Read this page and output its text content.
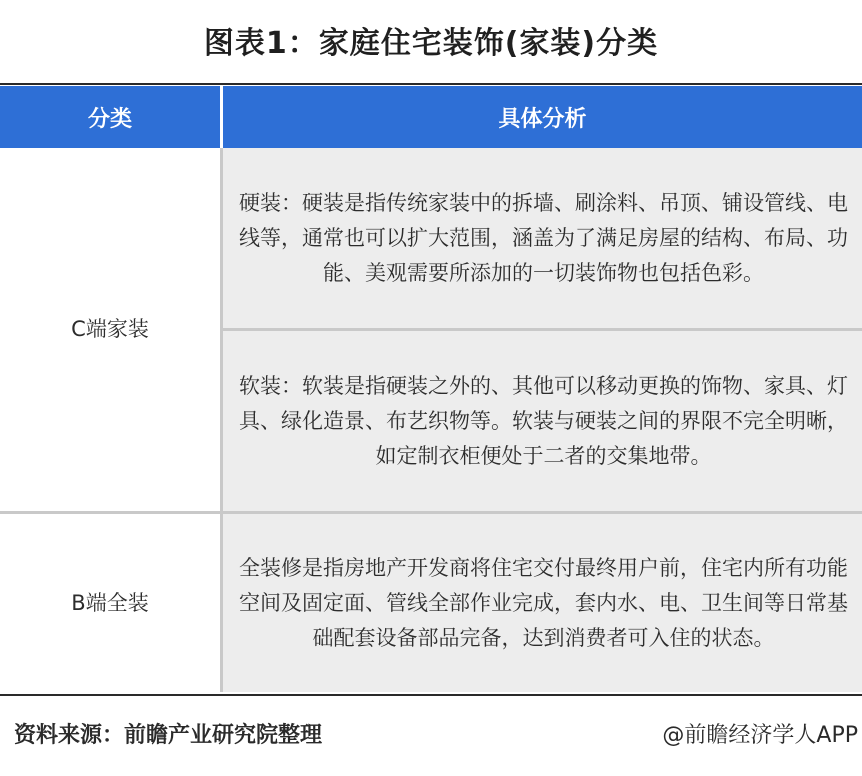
图表1：家庭住宅装饰(家装)分类
分类	具体分析
C端家装	硬装：硬装是指传统家装中的拆墙、刷涂料、吊顶、铺设管线、电线等，通常也可以扩大范围，涵盖为了满足房屋的结构、布局、功能、美观需要所添加的一切装饰物也包括色彩。
	软装：软装是指硬装之外的、其他可以移动更换的饰物、家具、灯具、绿化造景、布艺织物等。软装与硬装之间的界限不完全明晰，如定制衣柜便处于二者的交集地带。
B端全装	全装修是指房地产开发商将住宅交付最终用户前，住宅内所有功能空间及固定面、管线全部作业完成，套内水、电、卫生间等日常基础配套设备部品完备，达到消费者可入住的状态。
资料来源：前瞻产业研究院整理	@前瞻经济学人APP
